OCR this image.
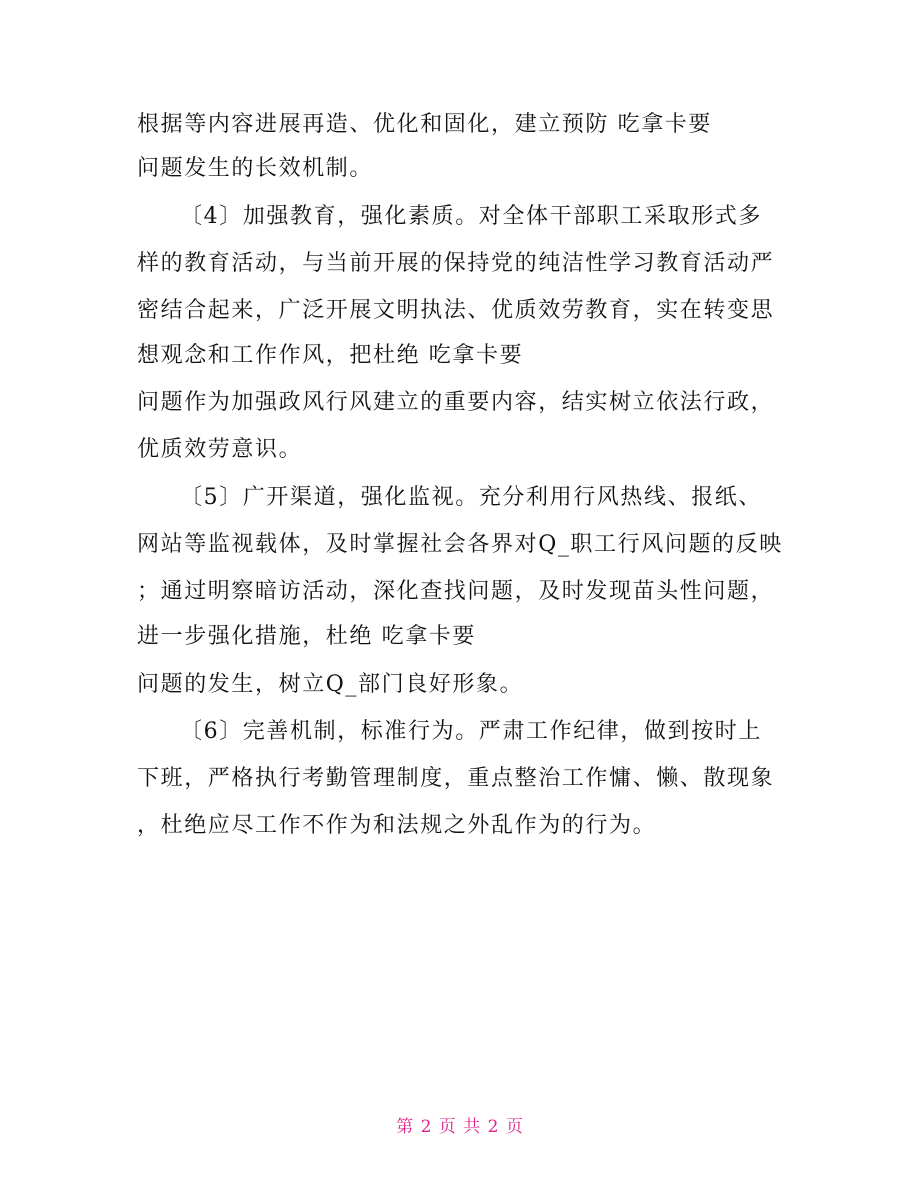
根据等内容进展再造、优化和固化，建立预防 吃拿卡要
问题发生的长效机制。
〔4〕加强教育，强化素质。对全体干部职工采取形式多
样的教育活动，与当前开展的保持党的纯洁性学习教育活动严
密结合起来，广泛开展文明执法、优质效劳教育，实在转变思
想观念和工作作风，把杜绝 吃拿卡要
问题作为加强政风行风建立的重要内容，结实树立依法行政，
优质效劳意识。
〔5〕广开渠道，强化监视。充分利用行风热线、报纸、
网站等监视载体，及时掌握社会各界对Q_职工行风问题的反映
；通过明察暗访活动，深化查找问题，及时发现苗头性问题，
进一步强化措施，杜绝 吃拿卡要
问题的发生，树立Q_部门良好形象。
〔6〕完善机制，标准行为。严肃工作纪律，做到按时上
下班，严格执行考勤管理制度，重点整治工作慵、懒、散现象
，杜绝应尽工作不作为和法规之外乱作为的行为。
第 2 页 共 2 页
